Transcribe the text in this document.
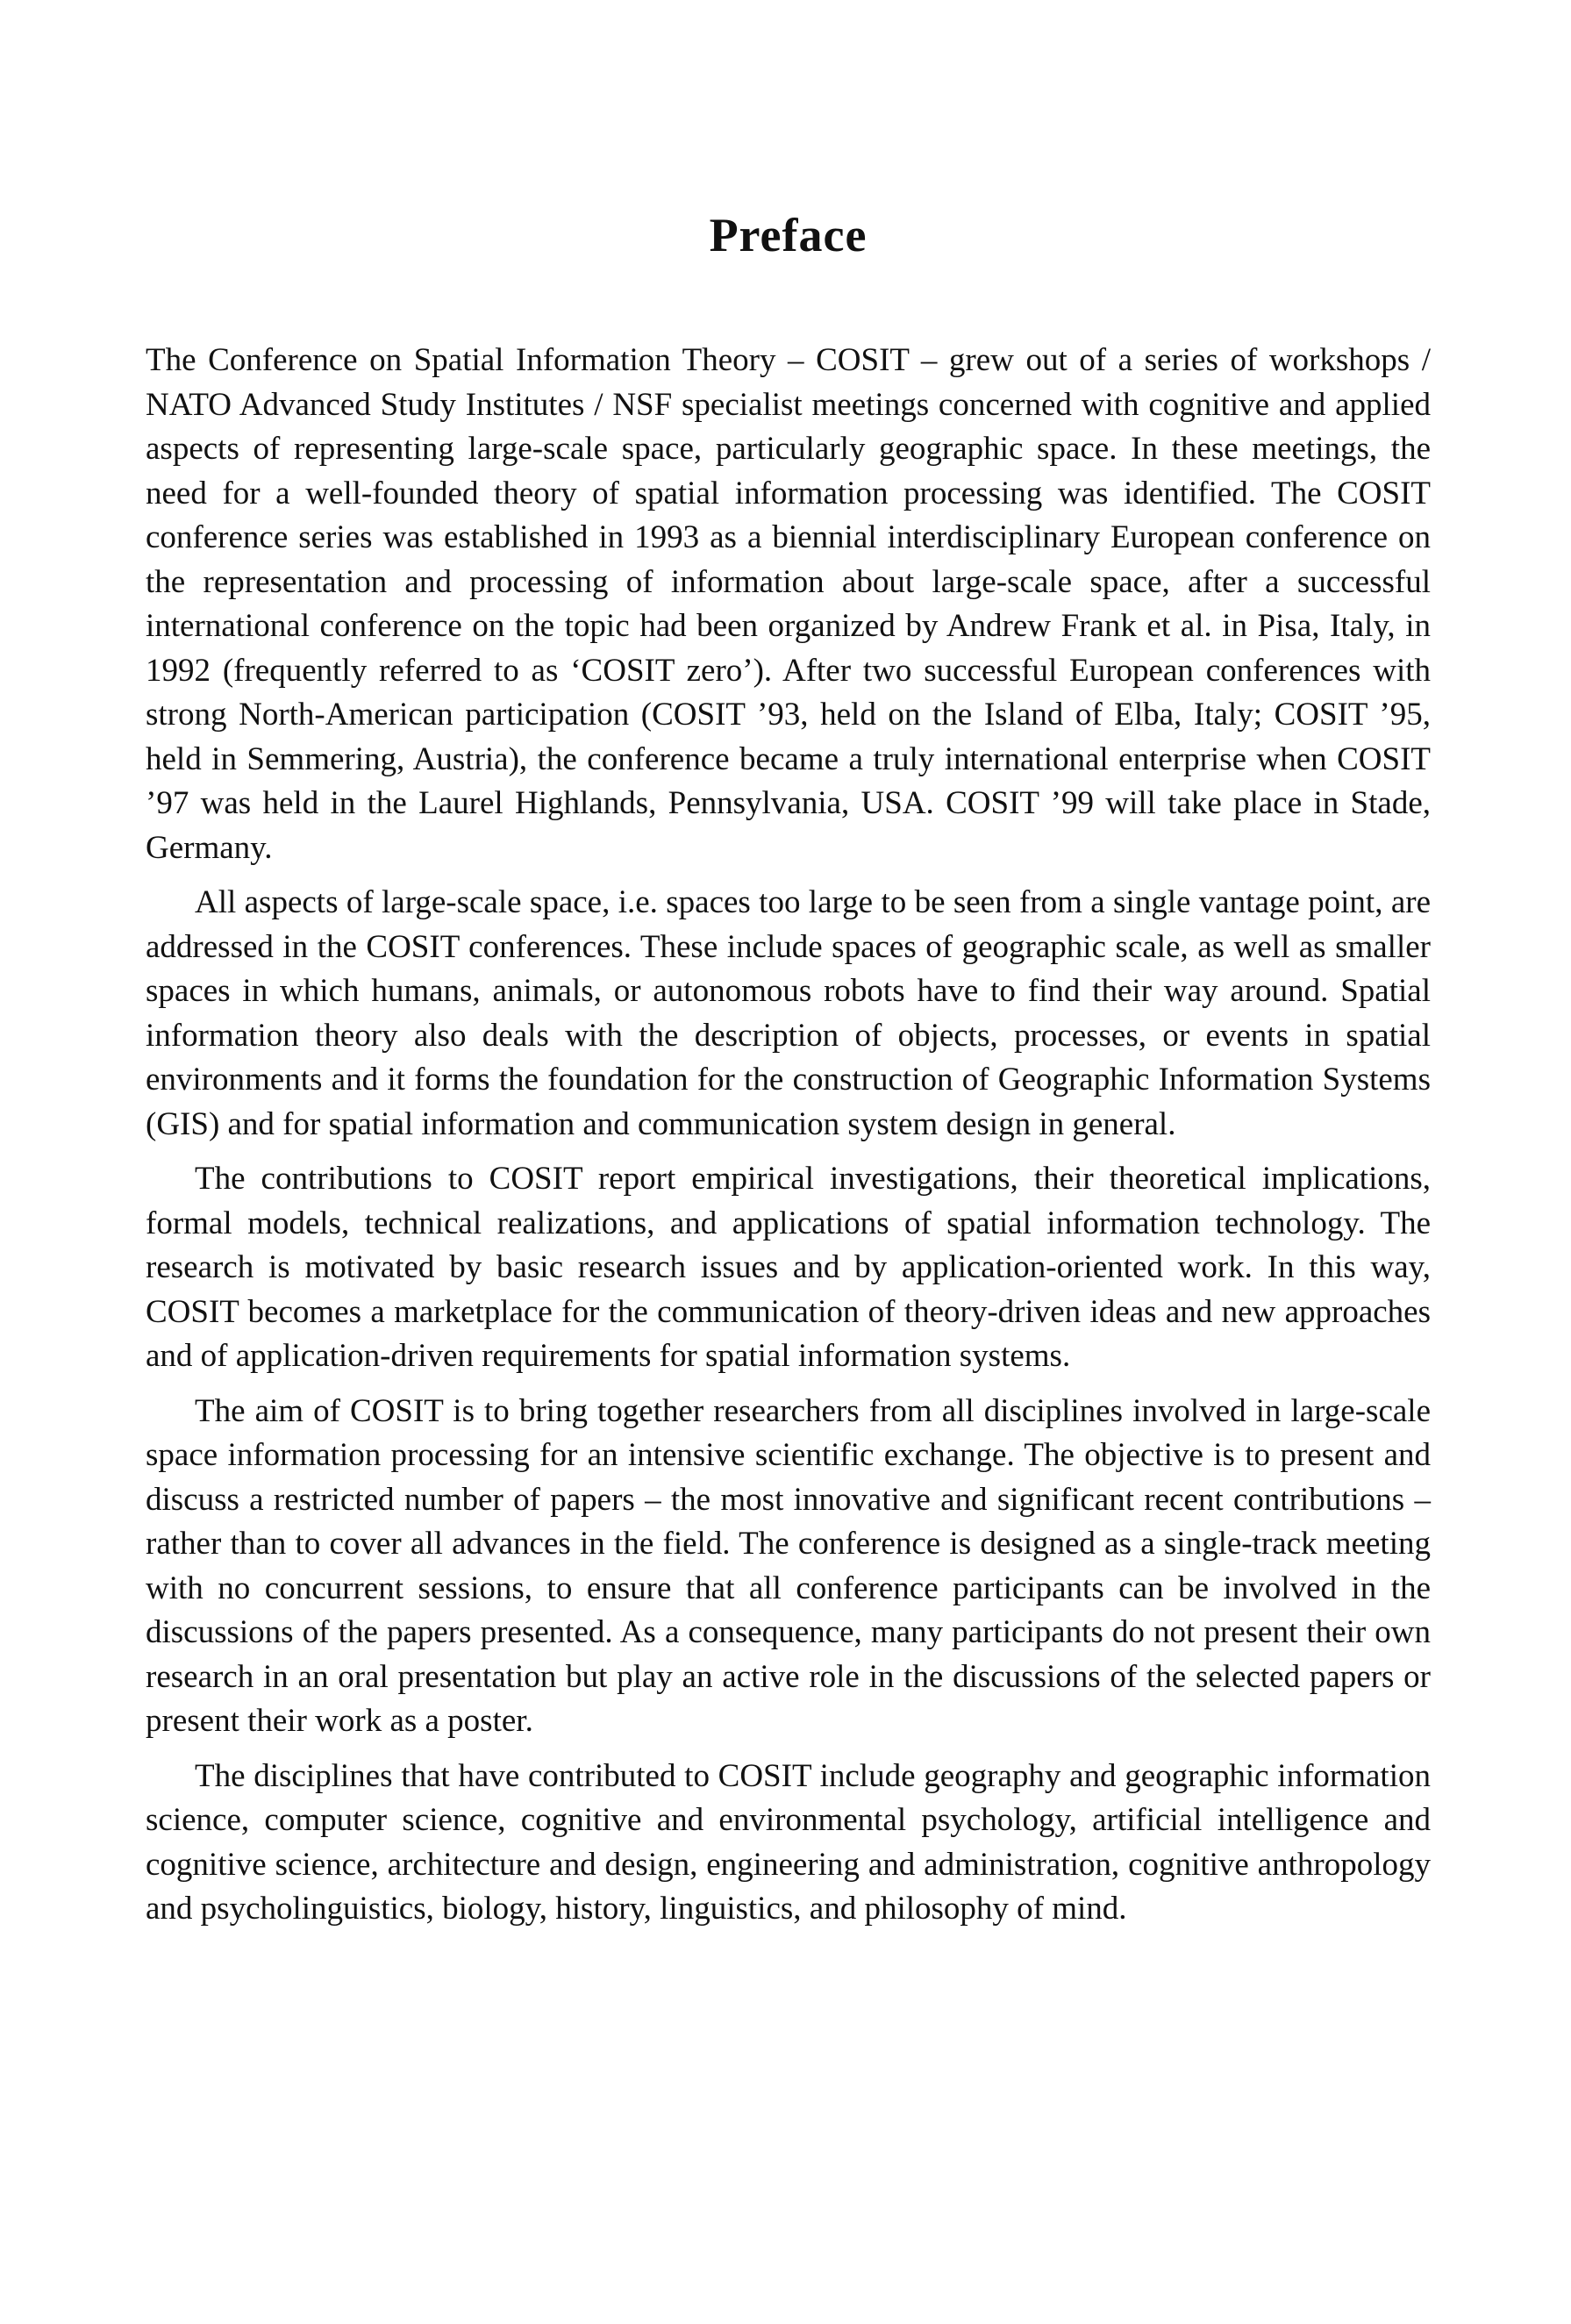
Preface

The Conference on Spatial Information Theory – COSIT – grew out of a series of workshops / NATO Advanced Study Institutes / NSF specialist meetings concerned with cognitive and applied aspects of representing large-scale space, particularly geographic space. In these meetings, the need for a well-founded theory of spatial information processing was identified. The COSIT conference series was established in 1993 as a biennial interdisciplinary European conference on the representation and processing of information about large-scale space, after a successful international conference on the topic had been organized by Andrew Frank et al. in Pisa, Italy, in 1992 (frequently referred to as ‘COSIT zero’). After two successful European conferences with strong North-American participation (COSIT ’93, held on the Island of Elba, Italy; COSIT ’95, held in Semmering, Austria), the conference became a truly international enterprise when COSIT ’97 was held in the Laurel Highlands, Pennsylvania, USA. COSIT ’99 will take place in Stade, Germany.

All aspects of large-scale space, i.e. spaces too large to be seen from a single vantage point, are addressed in the COSIT conferences. These include spaces of geographic scale, as well as smaller spaces in which humans, animals, or autonomous robots have to find their way around. Spatial information theory also deals with the description of objects, processes, or events in spatial environments and it forms the foundation for the construction of Geographic Information Systems (GIS) and for spatial information and communication system design in general.

The contributions to COSIT report empirical investigations, their theoretical implications, formal models, technical realizations, and applications of spatial information technology. The research is motivated by basic research issues and by application-oriented work. In this way, COSIT becomes a marketplace for the communication of theory-driven ideas and new approaches and of application-driven requirements for spatial information systems.

The aim of COSIT is to bring together researchers from all disciplines involved in large-scale space information processing for an intensive scientific exchange. The objective is to present and discuss a restricted number of papers – the most innovative and significant recent contributions – rather than to cover all advances in the field. The conference is designed as a single-track meeting with no concurrent sessions, to ensure that all conference participants can be involved in the discussions of the papers presented. As a consequence, many participants do not present their own research in an oral presentation but play an active role in the discussions of the selected papers or present their work as a poster.

The disciplines that have contributed to COSIT include geography and geographic information science, computer science, cognitive and environmental psychology, artificial intelligence and cognitive science, architecture and design, engineering and administration, cognitive anthropology and psycholinguistics, biology, history, linguistics, and philosophy of mind.
